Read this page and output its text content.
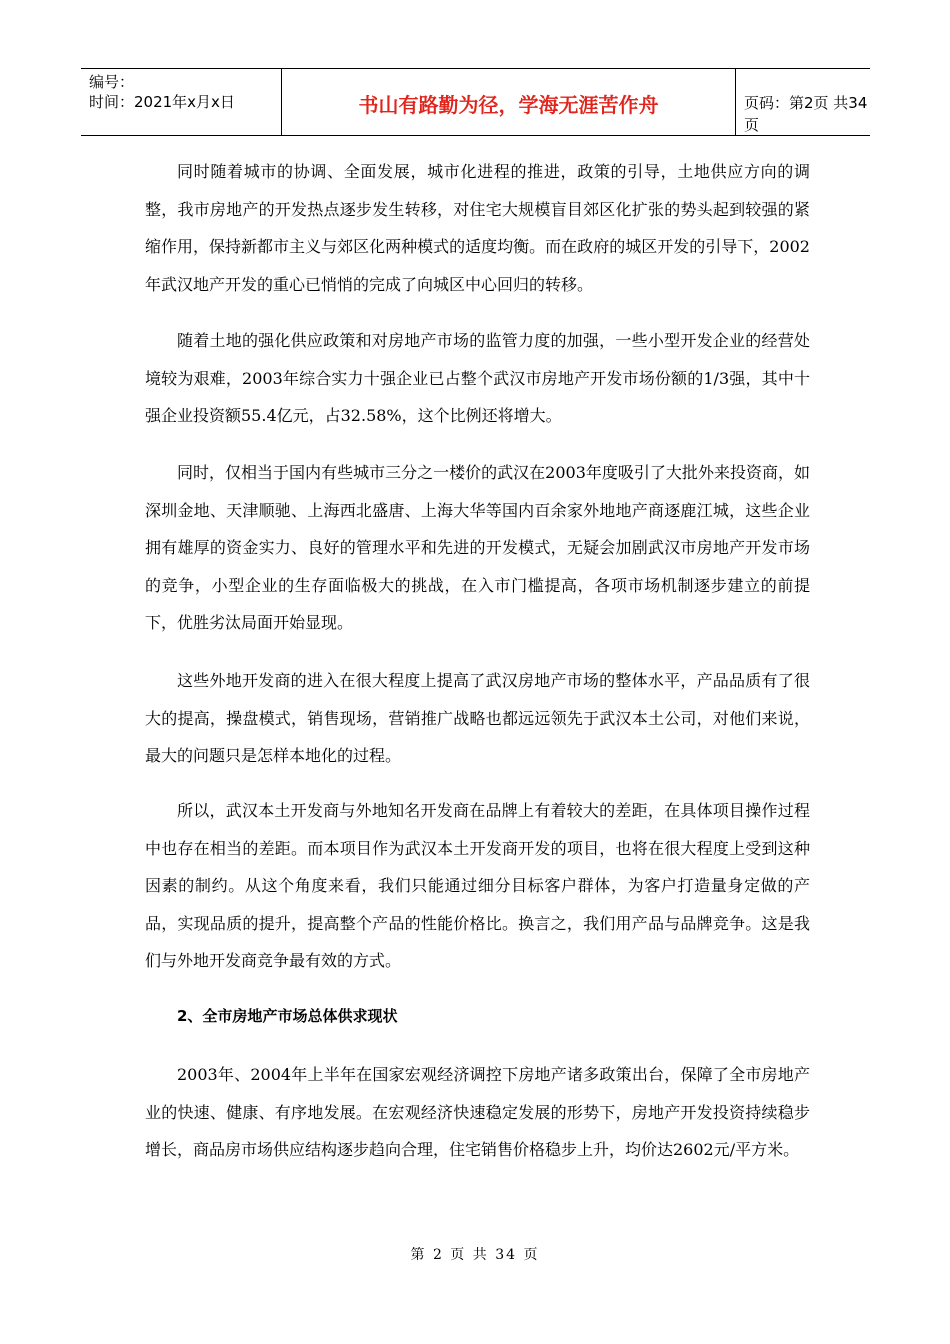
编号：
时间：2021年x月x日	书山有路勤为径，学海无涯苦作舟	页码：第2页 共34页

同时随着城市的协调、全面发展，城市化进程的推进，政策的引导，土地供应方向的调整，我市房地产的开发热点逐步发生转移，对住宅大规模盲目郊区化扩张的势头起到较强的紧缩作用，保持新都市主义与郊区化两种模式的适度均衡。而在政府的城区开发的引导下，2002年武汉地产开发的重心已悄悄的完成了向城区中心回归的转移。

随着土地的强化供应政策和对房地产市场的监管力度的加强，一些小型开发企业的经营处境较为艰难，2003年综合实力十强企业已占整个武汉市房地产开发市场份额的1/3强，其中十强企业投资额55.4亿元，占32.58%，这个比例还将增大。

同时，仅相当于国内有些城市三分之一楼价的武汉在2003年度吸引了大批外来投资商，如深圳金地、天津顺驰、上海西北盛唐、上海大华等国内百余家外地地产商逐鹿江城，这些企业拥有雄厚的资金实力、良好的管理水平和先进的开发模式，无疑会加剧武汉市房地产开发市场的竞争，小型企业的生存面临极大的挑战，在入市门槛提高，各项市场机制逐步建立的前提下，优胜劣汰局面开始显现。

这些外地开发商的进入在很大程度上提高了武汉房地产市场的整体水平，产品品质有了很大的提高，操盘模式，销售现场，营销推广战略也都远远领先于武汉本土公司，对他们来说，最大的问题只是怎样本地化的过程。

所以，武汉本土开发商与外地知名开发商在品牌上有着较大的差距，在具体项目操作过程中也存在相当的差距。而本项目作为武汉本土开发商开发的项目，也将在很大程度上受到这种因素的制约。从这个角度来看，我们只能通过细分目标客户群体，为客户打造量身定做的产品，实现品质的提升，提高整个产品的性能价格比。换言之，我们用产品与品牌竞争。这是我们与外地开发商竞争最有效的方式。

2、全市房地产市场总体供求现状

2003年、2004年上半年在国家宏观经济调控下房地产诸多政策出台，保障了全市房地产业的快速、健康、有序地发展。在宏观经济快速稳定发展的形势下，房地产开发投资持续稳步增长，商品房市场供应结构逐步趋向合理，住宅销售价格稳步上升，均价达2602元/平方米。

第 2 页 共 34 页
